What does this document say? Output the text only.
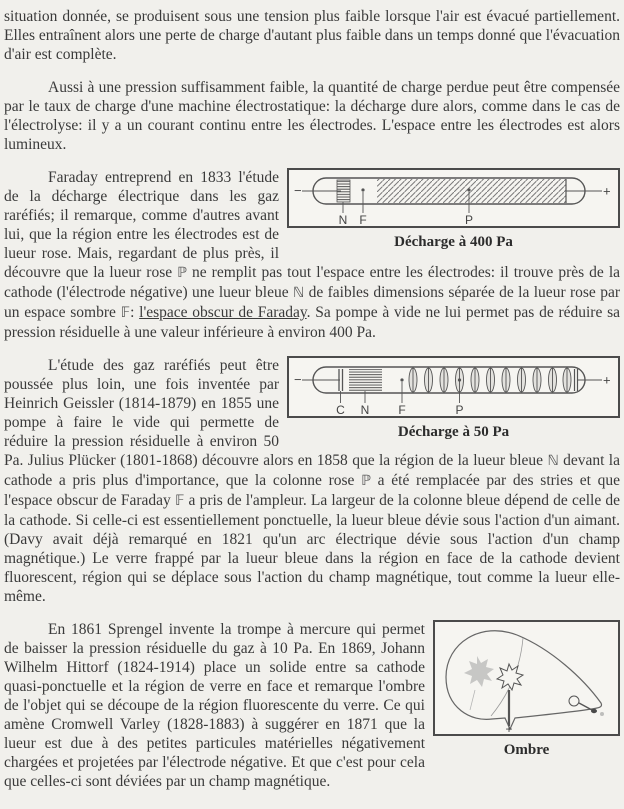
situation donnée, se produisent sous une tension plus faible lorsque l'air est évacué partiellement. Elles entraînent alors une perte de charge d'autant plus faible dans un temps donné que l'évacuation d'air est complète.

Aussi à une pression suffisamment faible, la quantité de charge perdue peut être compensée par le taux de charge d'une machine électrostatique: la décharge dure alors, comme dans le cas de l'électrolyse: il y a un courant continu entre les électrodes. L'espace entre les électrodes est alors lumineux.

−	+
N F	P
Décharge à 400 Pa

Faraday entreprend en 1833 l'étude de la décharge électrique dans les gaz raréfiés; il remarque, comme d'autres avant lui, que la région entre les électrodes est de lueur rose. Mais, regardant de plus près, il découvre que la lueur rose ℙ ne remplit pas tout l'espace entre les électrodes: il trouve près de la cathode (l'électrode négative) une lueur bleue ℕ de faibles dimensions séparée de la lueur rose par un espace sombre 𝔽: l'espace obscur de Faraday. Sa pompe à vide ne lui permet pas de réduire sa pression résiduelle à une valeur inférieure à environ 400 Pa.

−	+
C N F	P
Décharge à 50 Pa

L'étude des gaz raréfiés peut être poussée plus loin, une fois inventée par Heinrich Geissler (1814-1879) en 1855 une pompe à faire le vide qui permette de réduire la pression résiduelle à environ 50 Pa. Julius Plücker (1801-1868) découvre alors en 1858 que la région de la lueur bleue ℕ devant la cathode a pris plus d'importance, que la colonne rose ℙ a été remplacée par des stries et que l'espace obscur de Faraday 𝔽 a pris de l'ampleur. La largeur de la colonne bleue dépend de celle de la cathode. Si celle-ci est essentiellement ponctuelle, la lueur bleue dévie sous l'action d'un aimant. (Davy avait déjà remarqué en 1821 qu'un arc électrique dévie sous l'action d'un champ magnétique.) Le verre frappé par la lueur bleue dans la région en face de la cathode devient fluorescent, région qui se déplace sous l'action du champ magnétique, tout comme la lueur elle-même.

+
Ombre

En 1861 Sprengel invente la trompe à mercure qui permet de baisser la pression résiduelle du gaz à 10 Pa. En 1869, Johann Wilhelm Hittorf (1824-1914) place un solide entre sa cathode quasi-ponctuelle et la région de verre en face et remarque l'ombre de l'objet qui se découpe de la région fluorescente du verre. Ce qui amène Cromwell Varley (1828-1883) à suggérer en 1871 que la lueur est due à des petites particules matérielles négativement chargées et projetées par l'électrode négative. Et que c'est pour cela que celles-ci sont déviées par un champ magnétique.
